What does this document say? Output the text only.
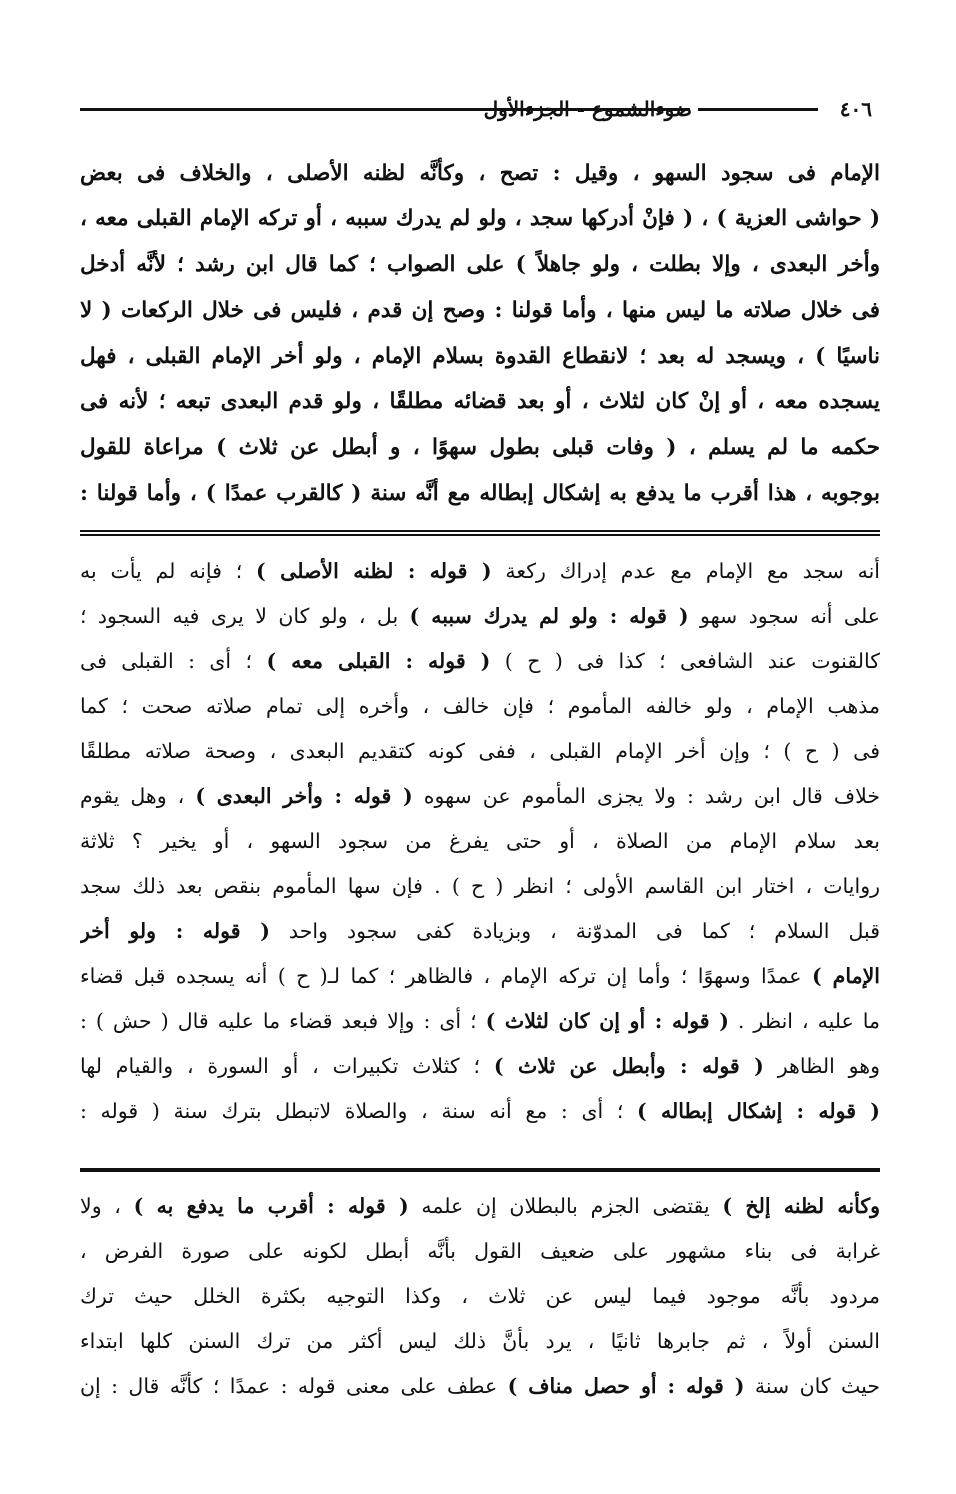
٤٠٦
ضوءالشموع - الجزءالأول
الإمام فى سجود السهو ، وقيل : تصح ، وكأنَّه لظنه الأصلى ، والخلاف فى بعض
( حواشى العزية ) ، ( فإنْ أدركها سجد ، ولو لم يدرك سببه ، أو تركه الإمام القبلى معه ،
وأخر البعدى ، وإلا بطلت ، ولو جاهلاً ) على الصواب ؛ كما قال ابن رشد ؛ لأنَّه أدخل
فى خلال صلاته ما ليس منها ، وأما قولنا : وصح إن قدم ، فليس فى خلال الركعات ( لا
ناسيًا ) ، ويسجد له بعد ؛ لانقطاع القدوة بسلام الإمام ، ولو أخر الإمام القبلى ، فهل
يسجده معه ، أو إنْ كان لثلاث ، أو بعد قضائه مطلقًا ، ولو قدم البعدى تبعه ؛ لأنه فى
حكمه ما لم يسلم ، ( وفات قبلى بطول سهوًا ، و أبطل عن ثلاث ) مراعاة للقول
بوجوبه ، هذا أقرب ما يدفع به إشكال إبطاله مع أنَّه سنة ( كالقرب عمدًا ) ، وأما قولنا :
أنه سجد مع الإمام مع عدم إدراك ركعة ( قوله : لظنه الأصلى ) ؛ فإنه لم يأت به
على أنه سجود سهو ( قوله : ولو لم يدرك سببه ) بل ، ولو كان لا يرى فيه السجود ؛
كالقنوت عند الشافعى ؛ كذا فى ( ح ) ( قوله : القبلى معه ) ؛ أى : القبلى فى
مذهب الإمام ، ولو خالفه المأموم ؛ فإن خالف ، وأخره إلى تمام صلاته صحت ؛ كما
فى ( ح ) ؛ وإن أخر الإمام القبلى ، ففى كونه كتقديم البعدى ، وصحة صلاته مطلقًا
خلاف قال ابن رشد : ولا يجزى المأموم عن سهوه ( قوله : وأخر البعدى ) ، وهل يقوم
بعد سلام الإمام من الصلاة ، أو حتى يفرغ من سجود السهو ، أو يخير ؟ ثلاثة
روايات ، اختار ابن القاسم الأولى ؛ انظر ( ح ) . فإن سها المأموم بنقص بعد ذلك سجد
قبل السلام ؛ كما فى المدوّنة ، وبزيادة كفى سجود واحد ( قوله : ولو أخر
الإمام ) عمدًا وسهوًا ؛ وأما إن تركه الإمام ، فالظاهر ؛ كما لـ( ح ) أنه يسجده قبل قضاء
ما عليه ، انظر . ( قوله : أو إن كان لثلاث ) ؛ أى : وإلا فبعد قضاء ما عليه قال ( حش ) :
وهو الظاهر ( قوله : وأبطل عن ثلاث ) ؛ كثلاث تكبيرات ، أو السورة ، والقيام لها
( قوله : إشكال إبطاله ) ؛ أى : مع أنه سنة ، والصلاة لاتبطل بترك سنة ( قوله :
وكأنه لظنه إلخ ) يقتضى الجزم بالبطلان إن علمه ( قوله : أقرب ما يدفع به ) ، ولا
غرابة فى بناء مشهور على ضعيف القول بأنَّه أبطل لكونه على صورة الفرض ،
مردود بأنَّه موجود فيما ليس عن ثلاث ، وكذا التوجيه بكثرة الخلل حيث ترك
السنن أولاً ، ثم جابرها ثانيًا ، يرد بأنَّ ذلك ليس أكثر من ترك السنن كلها ابتداء
حيث كان سنة ( قوله : أو حصل مناف ) عطف على معنى قوله : عمدًا ؛ كأنَّه قال : إن
